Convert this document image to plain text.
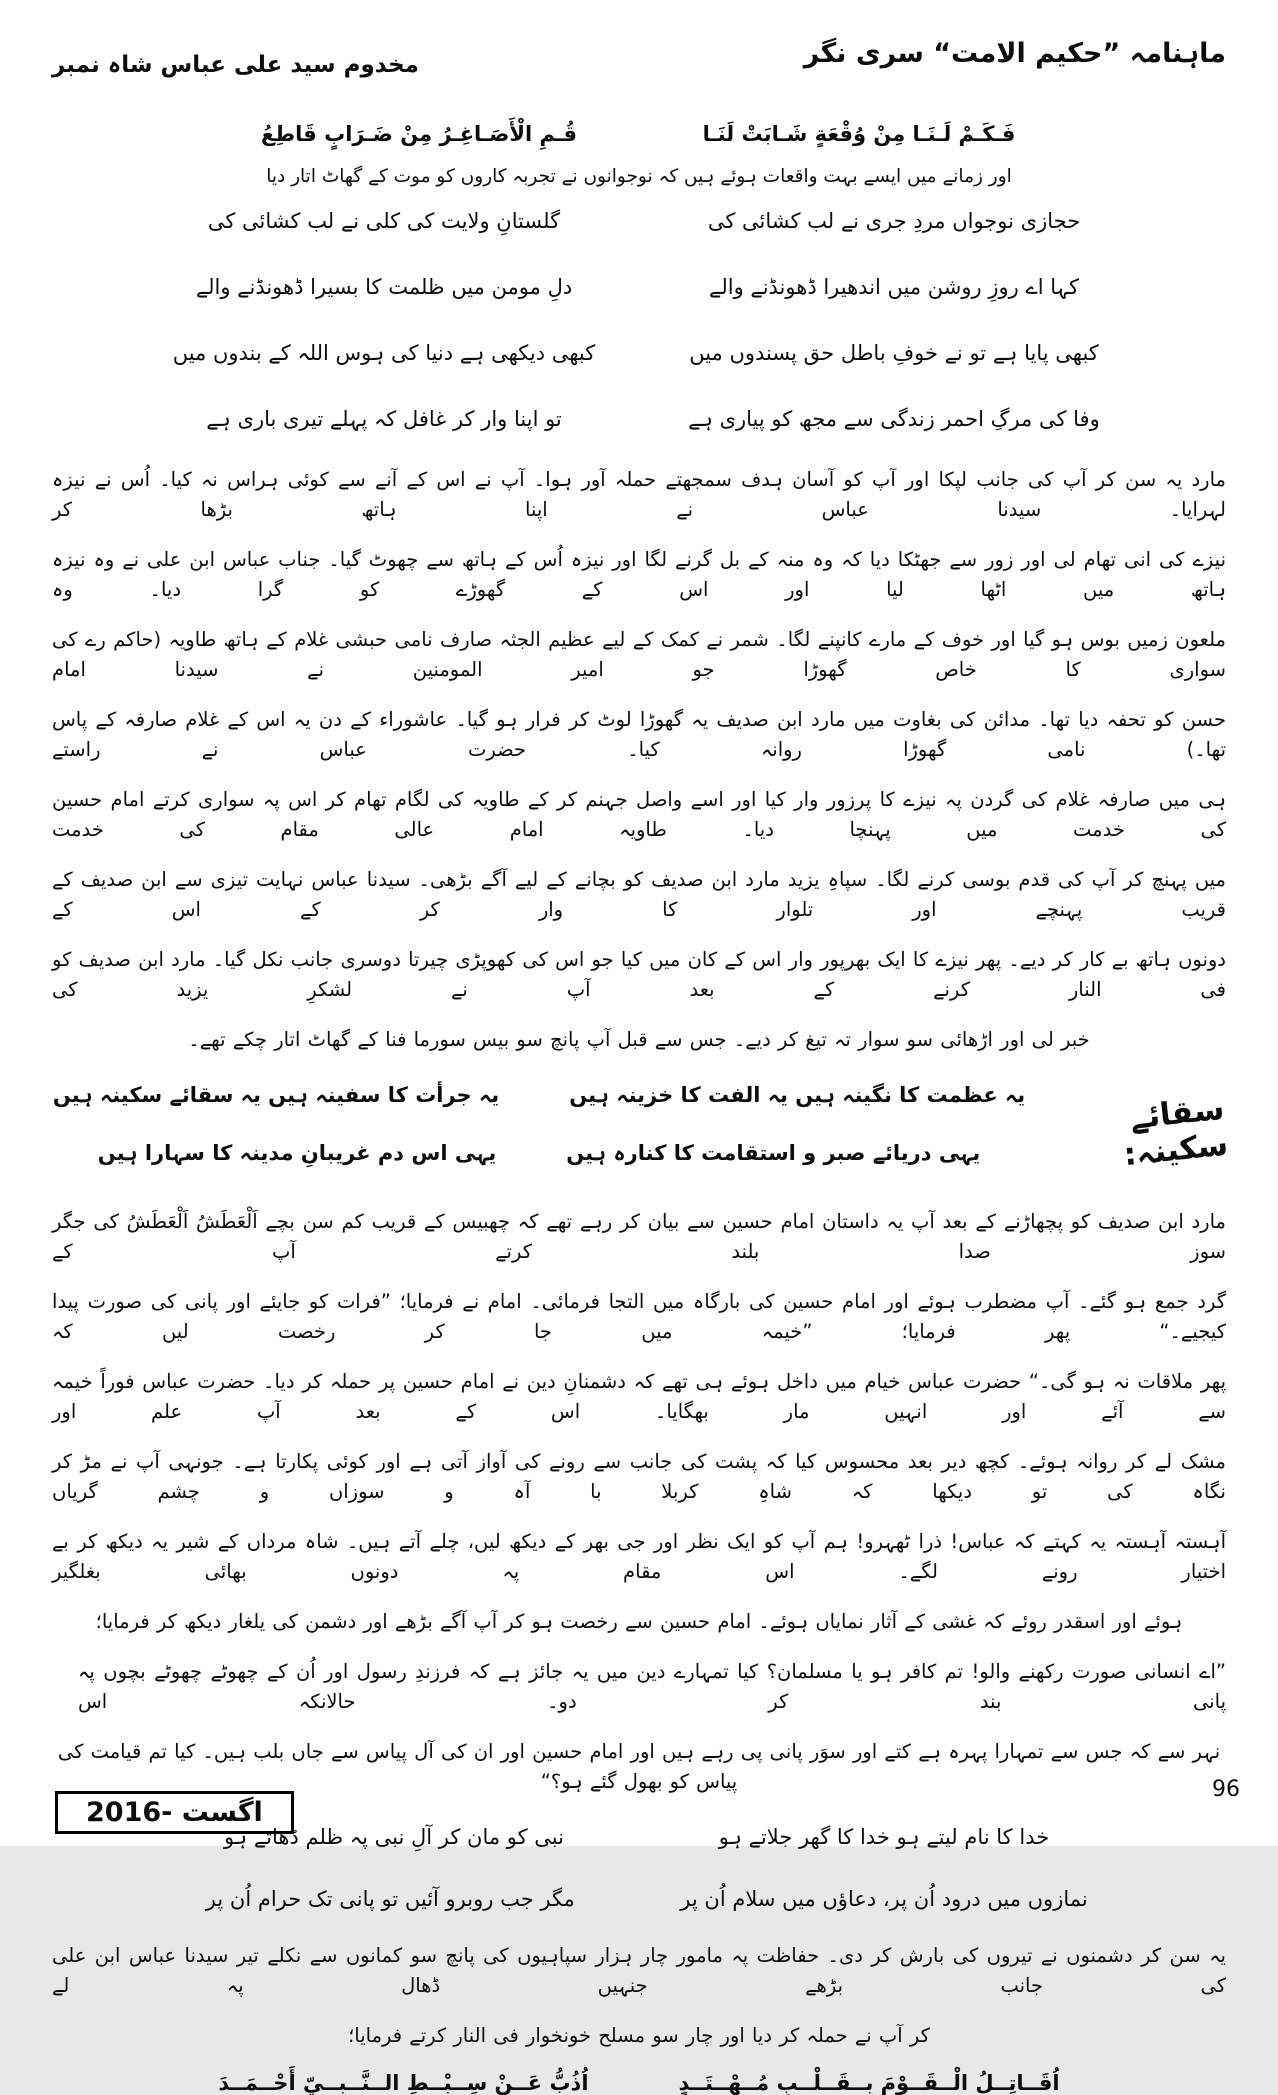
ماہنامہ ”حکیم الامت“ سری نگر
مخدوم سید علی عباس شاہ نمبر
فَـكَـمْ لَـنَـا مِنْ وُقْعَةٍ شَـابَتْ لَنَـا
قُـمِ الْأَصَـاغِـرُ مِنْ ضَـرَابٍ قَاطِعُ
اور زمانے میں ایسے بہت واقعات ہوئے ہیں کہ نوجوانوں نے تجربہ کاروں کو موت کے گھاٹ اتار دیا
حجازی نوجواں مردِ جری نے لب کشائی کی
گلستانِ ولایت کی کلی نے لب کشائی کی
کہا اے روزِ روشن میں اندھیرا ڈھونڈنے والے
دلِ مومن میں ظلمت کا بسیرا ڈھونڈنے والے
کبھی پایا ہے تو نے خوفِ باطل حق پسندوں میں
کبھی دیکھی ہے دنیا کی ہوس اللہ کے بندوں میں
وفا کی مرگِ احمر زندگی سے مجھ کو پیاری ہے
تو اپنا وار کر غافل کہ پہلے تیری باری ہے
مارد یہ سن کر آپ کی جانب لپکا اور آپ کو آسان ہدف سمجھتے حملہ آور ہوا۔ آپ نے اس کے آنے سے کوئی ہراس نہ کیا۔ اُس نے نیزہ لہرایا۔ سیدنا عباس نے اپنا ہاتھ بڑھا کر
نیزے کی انی تھام لی اور زور سے جھٹکا دیا کہ وہ منہ کے بل گرنے لگا اور نیزہ اُس کے ہاتھ سے چھوٹ گیا۔ جناب عباس ابن علی نے وہ نیزہ ہاتھ میں اٹھا لیا اور اس کے گھوڑے کو گرا دیا۔ وہ
ملعون زمیں بوس ہو گیا اور خوف کے مارے کانپنے لگا۔ شمر نے کمک کے لیے عظیم الجثہ صارف نامی حبشی غلام کے ہاتھ طاویہ (حاکم رے کی سواری کا خاص گھوڑا جو امیر المومنین نے سیدنا امام
حسن کو تحفہ دیا تھا۔ مدائن کی بغاوت میں مارد ابن صدیف یہ گھوڑا لوٹ کر فرار ہو گیا۔ عاشوراء کے دن یہ اس کے غلام صارفہ کے پاس تھا۔) نامی گھوڑا روانہ کیا۔ حضرت عباس نے راستے
ہی میں صارفہ غلام کی گردن پہ نیزے کا پرزور وار کیا اور اسے واصل جہنم کر کے طاویہ کی لگام تھام کر اس پہ سواری کرتے امام حسین کی خدمت میں پہنچا دیا۔ طاویہ امام عالی مقام کی خدمت
میں پہنچ کر آپ کی قدم بوسی کرنے لگا۔ سپاہِ یزید مارد ابن صدیف کو بچانے کے لیے آگے بڑھی۔ سیدنا عباس نہایت تیزی سے ابن صدیف کے قریب پہنچے اور تلوار کا وار کر کے اس کے
دونوں ہاتھ بے کار کر دیے۔ پھر نیزے کا ایک بھرپور وار اس کے کان میں کیا جو اس کی کھوپڑی چیرتا دوسری جانب نکل گیا۔ مارد ابن صدیف کو فی النار کرنے کے بعد آپ نے لشکرِ یزید کی
خبر لی اور اڑھائی سو سوار تہ تیغ کر دیے۔ جس سے قبل آپ پانچ سو بیس سورما فنا کے گھاٹ اتار چکے تھے۔
سقائے سکینہ:
یہ عظمت کا نگینہ ہیں یہ الفت کا خزینہ ہیں
یہ جرأت کا سفینہ ہیں یہ سقائے سکینہ ہیں
یہی دریائے صبر و استقامت کا کنارہ ہیں
یہی اس دم غریبانِ مدینہ کا سہارا ہیں
مارد ابن صدیف کو پچھاڑنے کے بعد آپ یہ داستان امام حسین سے بیان کر رہے تھے کہ چھبیس کے قریب کم سن بچے اَلْعَطَشُ اَلْعَطَشُ کی جگر سوز صدا بلند کرتے آپ کے
گرد جمع ہو گئے۔ آپ مضطرب ہوئے اور امام حسین کی بارگاہ میں التجا فرمائی۔ امام نے فرمایا؛ ”فرات کو جایئے اور پانی کی صورت پیدا کیجیے۔“ پھر فرمایا؛ ”خیمہ میں جا کر رخصت لیں کہ
پھر ملاقات نہ ہو گی۔“ حضرت عباس خیام میں داخل ہوئے ہی تھے کہ دشمنانِ دین نے امام حسین پر حملہ کر دیا۔ حضرت عباس فوراً خیمہ سے آئے اور انہیں مار بھگایا۔ اس کے بعد آپ علم اور
مشک لے کر روانہ ہوئے۔ کچھ دیر بعد محسوس کیا کہ پشت کی جانب سے رونے کی آواز آتی ہے اور کوئی پکارتا ہے۔ جونہی آپ نے مڑ کر نگاہ کی تو دیکھا کہ شاہِ کربلا با آہ و سوزاں و چشم گریاں
آہستہ آہستہ یہ کہتے کہ عباس! ذرا ٹھہرو! ہم آپ کو ایک نظر اور جی بھر کے دیکھ لیں، چلے آتے ہیں۔ شاہ مرداں کے شیر یہ دیکھ کر بے اختیار رونے لگے۔ اس مقام پہ دونوں بھائی بغلگیر
ہوئے اور اسقدر روئے کہ غشی کے آثار نمایاں ہوئے۔ امام حسین سے رخصت ہو کر آپ آگے بڑھے اور دشمن کی یلغار دیکھ کر فرمایا؛
”اے انسانی صورت رکھنے والو! تم کافر ہو یا مسلمان؟ کیا تمہارے دین میں یہ جائز ہے کہ فرزندِ رسول اور اُن کے چھوٹے چھوٹے بچوں پہ پانی بند کر دو۔ حالانکہ اس
نہر سے کہ جس سے تمہارا پہرہ ہے کتے اور سوَر پانی پی رہے ہیں اور امام حسین اور ان کی آل پیاس سے جاں بلب ہیں۔ کیا تم قیامت کی پیاس کو بھول گئے ہو؟“
خدا کا نام لیتے ہو خدا کا گھر جلاتے ہو
نبی کو مان کر آلِ نبی پہ ظلم ڈھاتے ہو
نمازوں میں درود اُن پر، دعاؤں میں سلام اُن پر
مگر جب روبرو آئیں تو پانی تک حرام اُن پر
یہ سن کر دشمنوں نے تیروں کی بارش کر دی۔ حفاظت پہ مامور چار ہزار سپاہیوں کی پانچ سو کمانوں سے نکلے تیر سیدنا عباس ابن علی کی جانب بڑھے جنہیں ڈھال پہ لے
کر آپ نے حملہ کر دیا اور چار سو مسلح خونخوار فی النار کرتے فرمایا؛
اُقَــاتِــلُ الْــقَــوْمَ بِــقَــلْــبٍ مُــهْــتَــدٍ
اُذُبُّ عَــنْ سِــبْــطِ الــنَّــبِــيِّ أَحْــمَــدَ
اگست -2016
96
